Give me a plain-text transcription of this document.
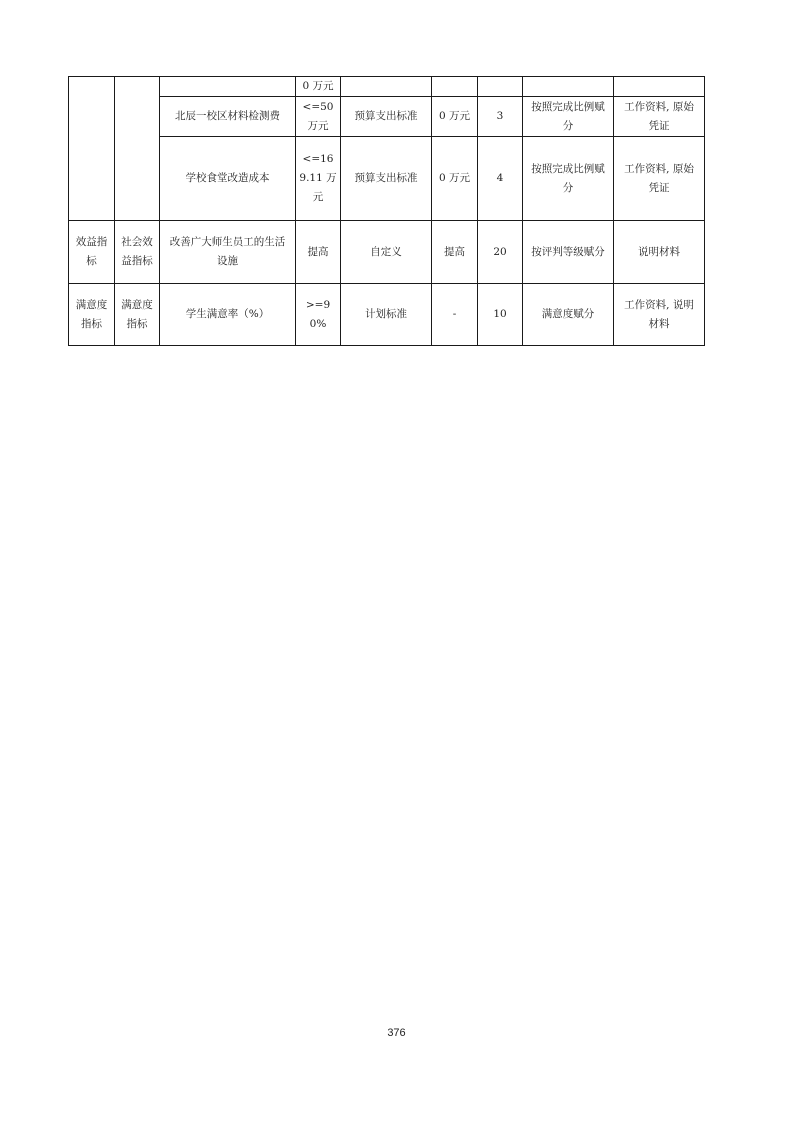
			0 万元					
		北辰一校区材料检测费	<=50 万元	预算支出标准	0 万元	3	按照完成比例赋分	工作资料, 原始凭证
		学校食堂改造成本	<=169.11 万元	预算支出标准	0 万元	4	按照完成比例赋分	工作资料, 原始凭证
效益指标	社会效益指标	改善广大师生员工的生活设施	提高	自定义	提高	20	按评判等级赋分	说明材料
满意度指标	满意度指标	学生满意率（%）	>=90%	计划标准	-	10	满意度赋分	工作资料, 说明材料
376
